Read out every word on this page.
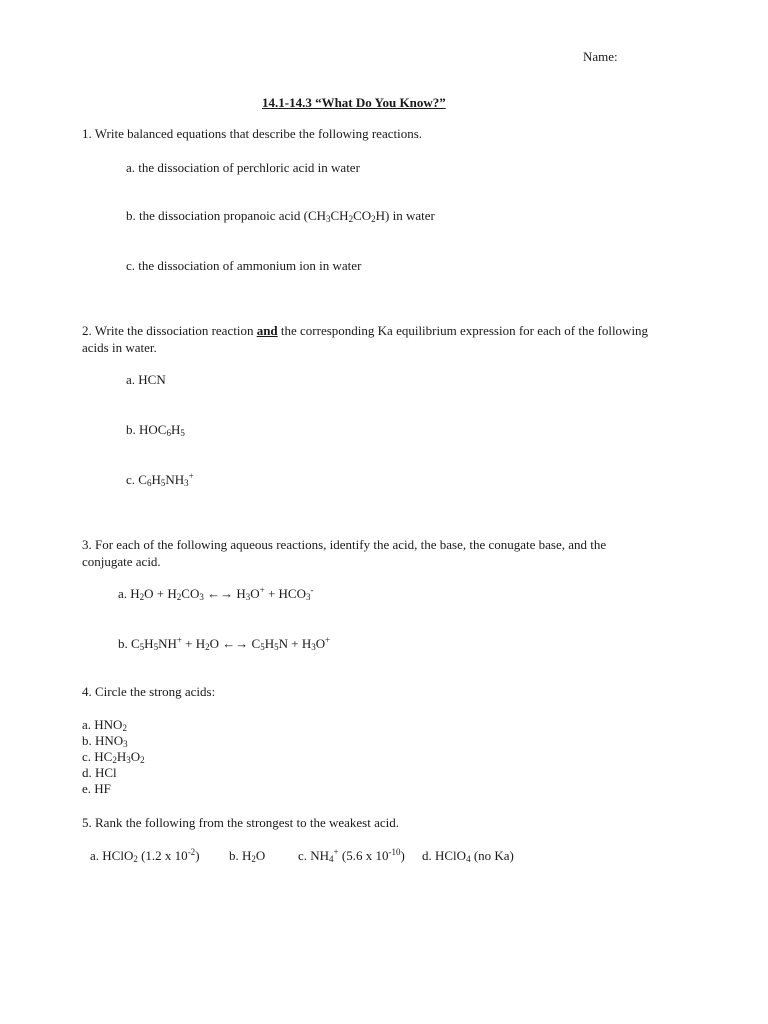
Name:
14.1-14.3 “What Do You Know?”
1. Write balanced equations that describe the following reactions.
a. the dissociation of perchloric acid in water
b. the dissociation propanoic acid $(CH_3CH_2CO_2H)$ in water
c. the dissociation of ammonium ion in water
2. Write the dissociation reaction and the corresponding Ka equilibrium expression for each of the following
acids in water.
a. HCN
b. $HOC_6H_5$
c. $C_6H_5NH_3^+$
3. For each of the following aqueous reactions, identify the acid, the base, the conugate base, and the
conjugate acid.
a. $H_2O + H_2CO_3$ ←→ $H_3O^+ + HCO_3^-$
b. $C_5H_5NH^+ + H_2O$ ←→ $C_5H_5N + H_3O^+$
4. Circle the strong acids:
a. $HNO_2$
b. $HNO_3$
c. $HC_2H_3O_2$
d. HCl
e. HF
5. Rank the following from the strongest to the weakest acid.
a. HClO$_2$ (1.2 x $10^{-2}$) b. $H_2O$	c. $NH_4^+$ (5.6 x $10^{-10}$) d. HClO$_4$ (no Ka)
